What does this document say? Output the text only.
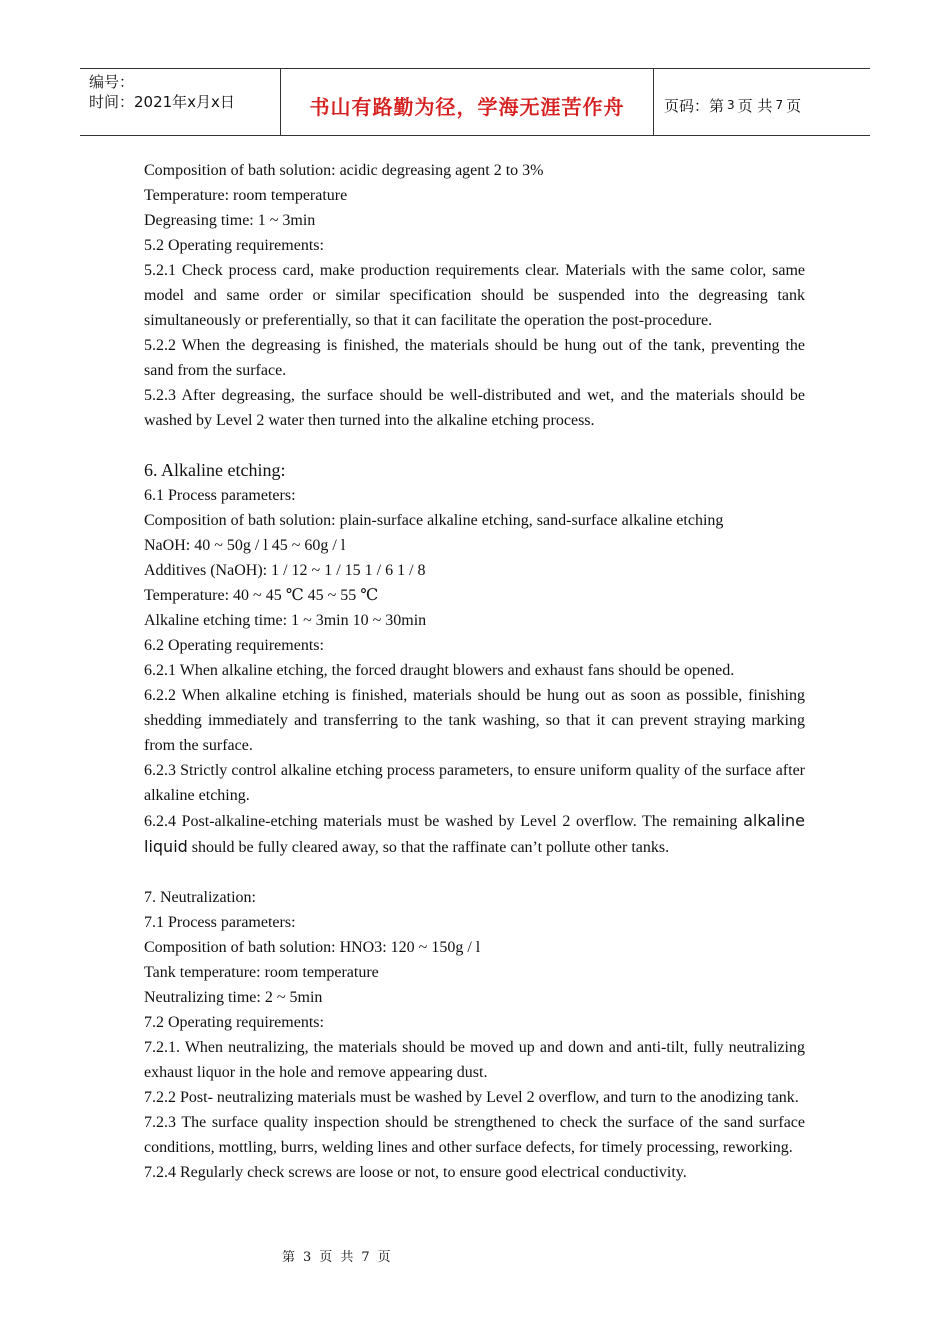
编号：
时间：2021年x月x日	书山有路勤为径，学海无涯苦作舟	页码：第 3 页 共 7 页

Composition of bath solution: acidic degreasing agent 2 to 3%

Temperature: room temperature

Degreasing time: 1 ~ 3min

5.2 Operating requirements:

5.2.1 Check process card, make production requirements clear. Materials with the same color, same model and same order or similar specification should be suspended into the degreasing tank simultaneously or preferentially, so that it can facilitate the operation the post-procedure.

5.2.2 When the degreasing is finished, the materials should be hung out of the tank, preventing the sand from the surface.

5.2.3 After degreasing, the surface should be well-distributed and wet, and the materials should be washed by Level 2 water then turned into the alkaline etching process.

6. Alkaline etching:

6.1 Process parameters:

Composition of bath solution: plain-surface alkaline etching, sand-surface alkaline etching

NaOH: 40 ~ 50g / l 45 ~ 60g / l

Additives (NaOH): 1 / 12 ~ 1 / 15 1 / 6 1 / 8

Temperature: 40 ~ 45 ℃ 45 ~ 55 ℃

Alkaline etching time: 1 ~ 3min 10 ~ 30min

6.2 Operating requirements:

6.2.1 When alkaline etching, the forced draught blowers and exhaust fans should be opened.

6.2.2 When alkaline etching is finished, materials should be hung out as soon as possible, finishing shedding immediately and transferring to the tank washing, so that it can prevent straying marking from the surface.

6.2.3 Strictly control alkaline etching process parameters, to ensure uniform quality of the surface after alkaline etching.

6.2.4 Post-alkaline-etching materials must be washed by Level 2 overflow. The remaining alkaline liquid should be fully cleared away, so that the raffinate can’t pollute other tanks.

7. Neutralization:

7.1 Process parameters:

Composition of bath solution: HNO3: 120 ~ 150g / l

Tank temperature: room temperature

Neutralizing time: 2 ~ 5min

7.2 Operating requirements:

7.2.1. When neutralizing, the materials should be moved up and down and anti-tilt, fully neutralizing exhaust liquor in the hole and remove appearing dust.

7.2.2 Post- neutralizing materials must be washed by Level 2 overflow, and turn to the anodizing tank.

7.2.3 The surface quality inspection should be strengthened to check the surface of the sand surface conditions, mottling, burrs, welding lines and other surface defects, for timely processing, reworking.

7.2.4 Regularly check screws are loose or not, to ensure good electrical conductivity.

第 3 页 共 7 页
